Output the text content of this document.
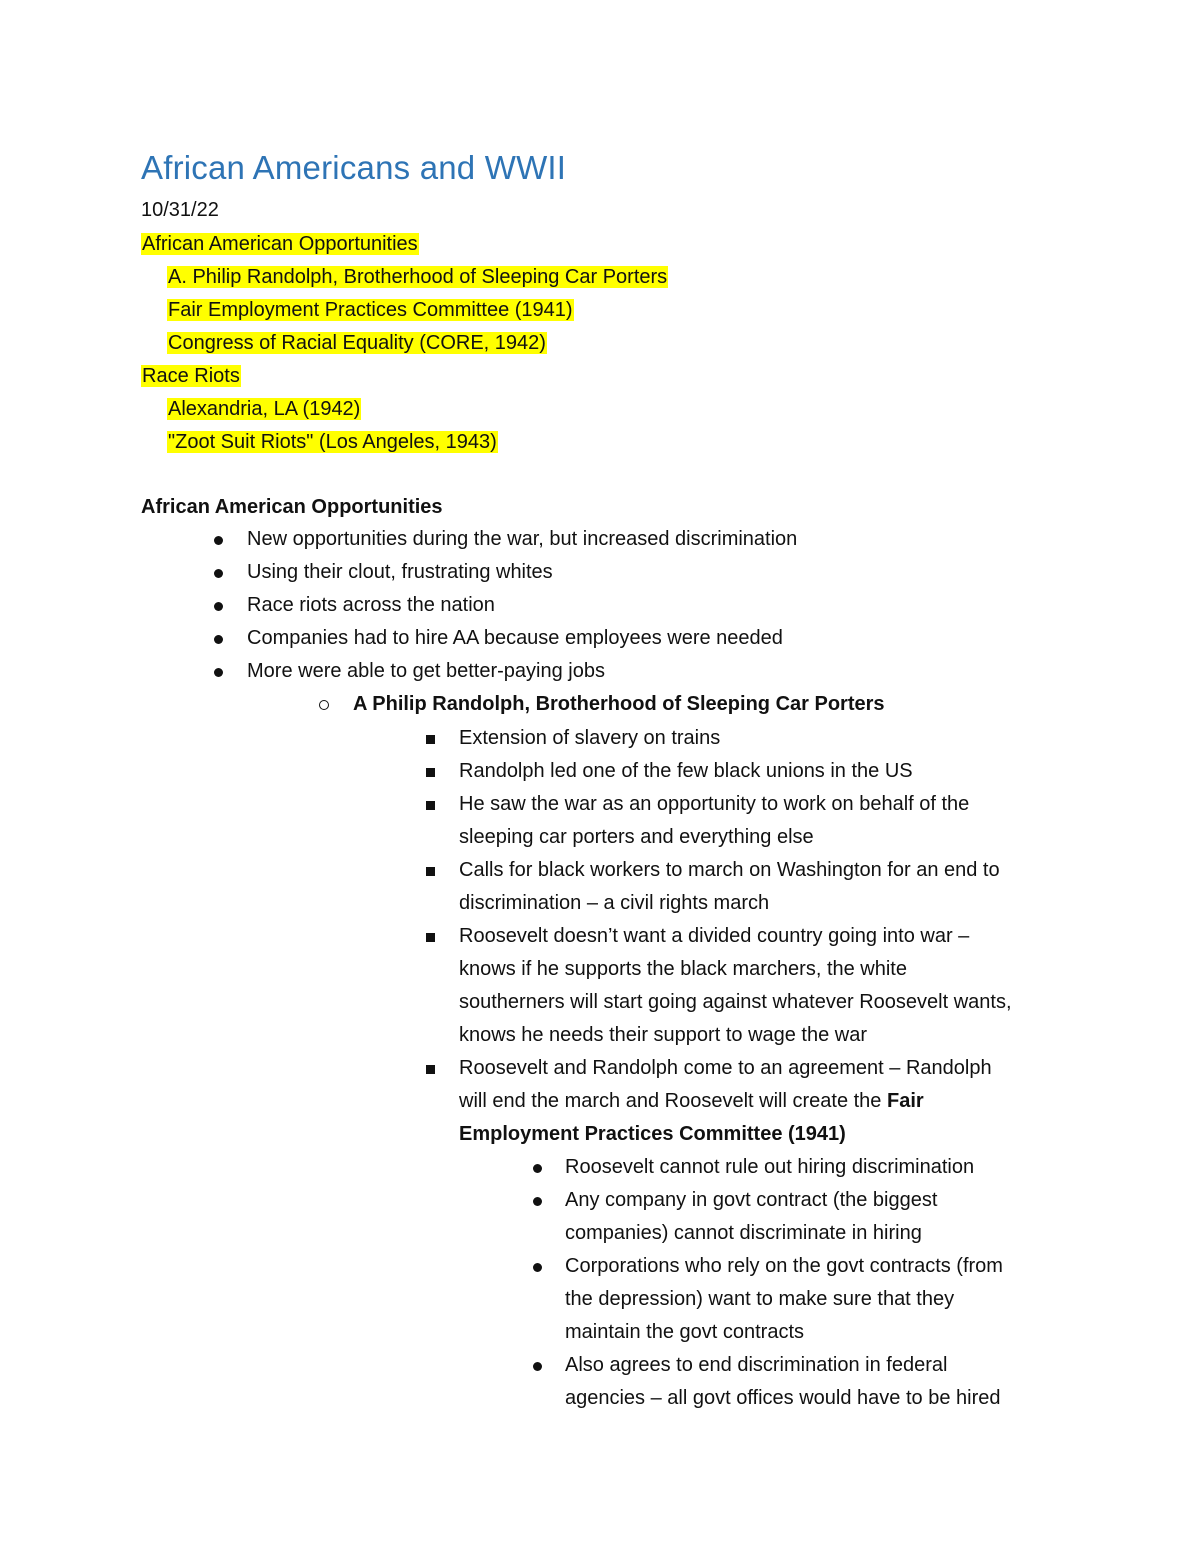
African Americans and WWII
10/31/22
African American Opportunities
A. Philip Randolph, Brotherhood of Sleeping Car Porters
Fair Employment Practices Committee (1941)
Congress of Racial Equality (CORE, 1942)
Race Riots
Alexandria, LA (1942)
"Zoot Suit Riots" (Los Angeles, 1943)
African American Opportunities
New opportunities during the war, but increased discrimination
Using their clout, frustrating whites
Race riots across the nation
Companies had to hire AA because employees were needed
More were able to get better-paying jobs
A Philip Randolph, Brotherhood of Sleeping Car Porters
Extension of slavery on trains
Randolph led one of the few black unions in the US
He saw the war as an opportunity to work on behalf of the
sleeping car porters and everything else
Calls for black workers to march on Washington for an end to
discrimination – a civil rights march
Roosevelt doesn’t want a divided country going into war –
knows if he supports the black marchers, the white
southerners will start going against whatever Roosevelt wants,
knows he needs their support to wage the war
Roosevelt and Randolph come to an agreement – Randolph
will end the march and Roosevelt will create the Fair
Employment Practices Committee (1941)
Roosevelt cannot rule out hiring discrimination
Any company in govt contract (the biggest
companies) cannot discriminate in hiring
Corporations who rely on the govt contracts (from
the depression) want to make sure that they
maintain the govt contracts
Also agrees to end discrimination in federal
agencies – all govt offices would have to be hired
